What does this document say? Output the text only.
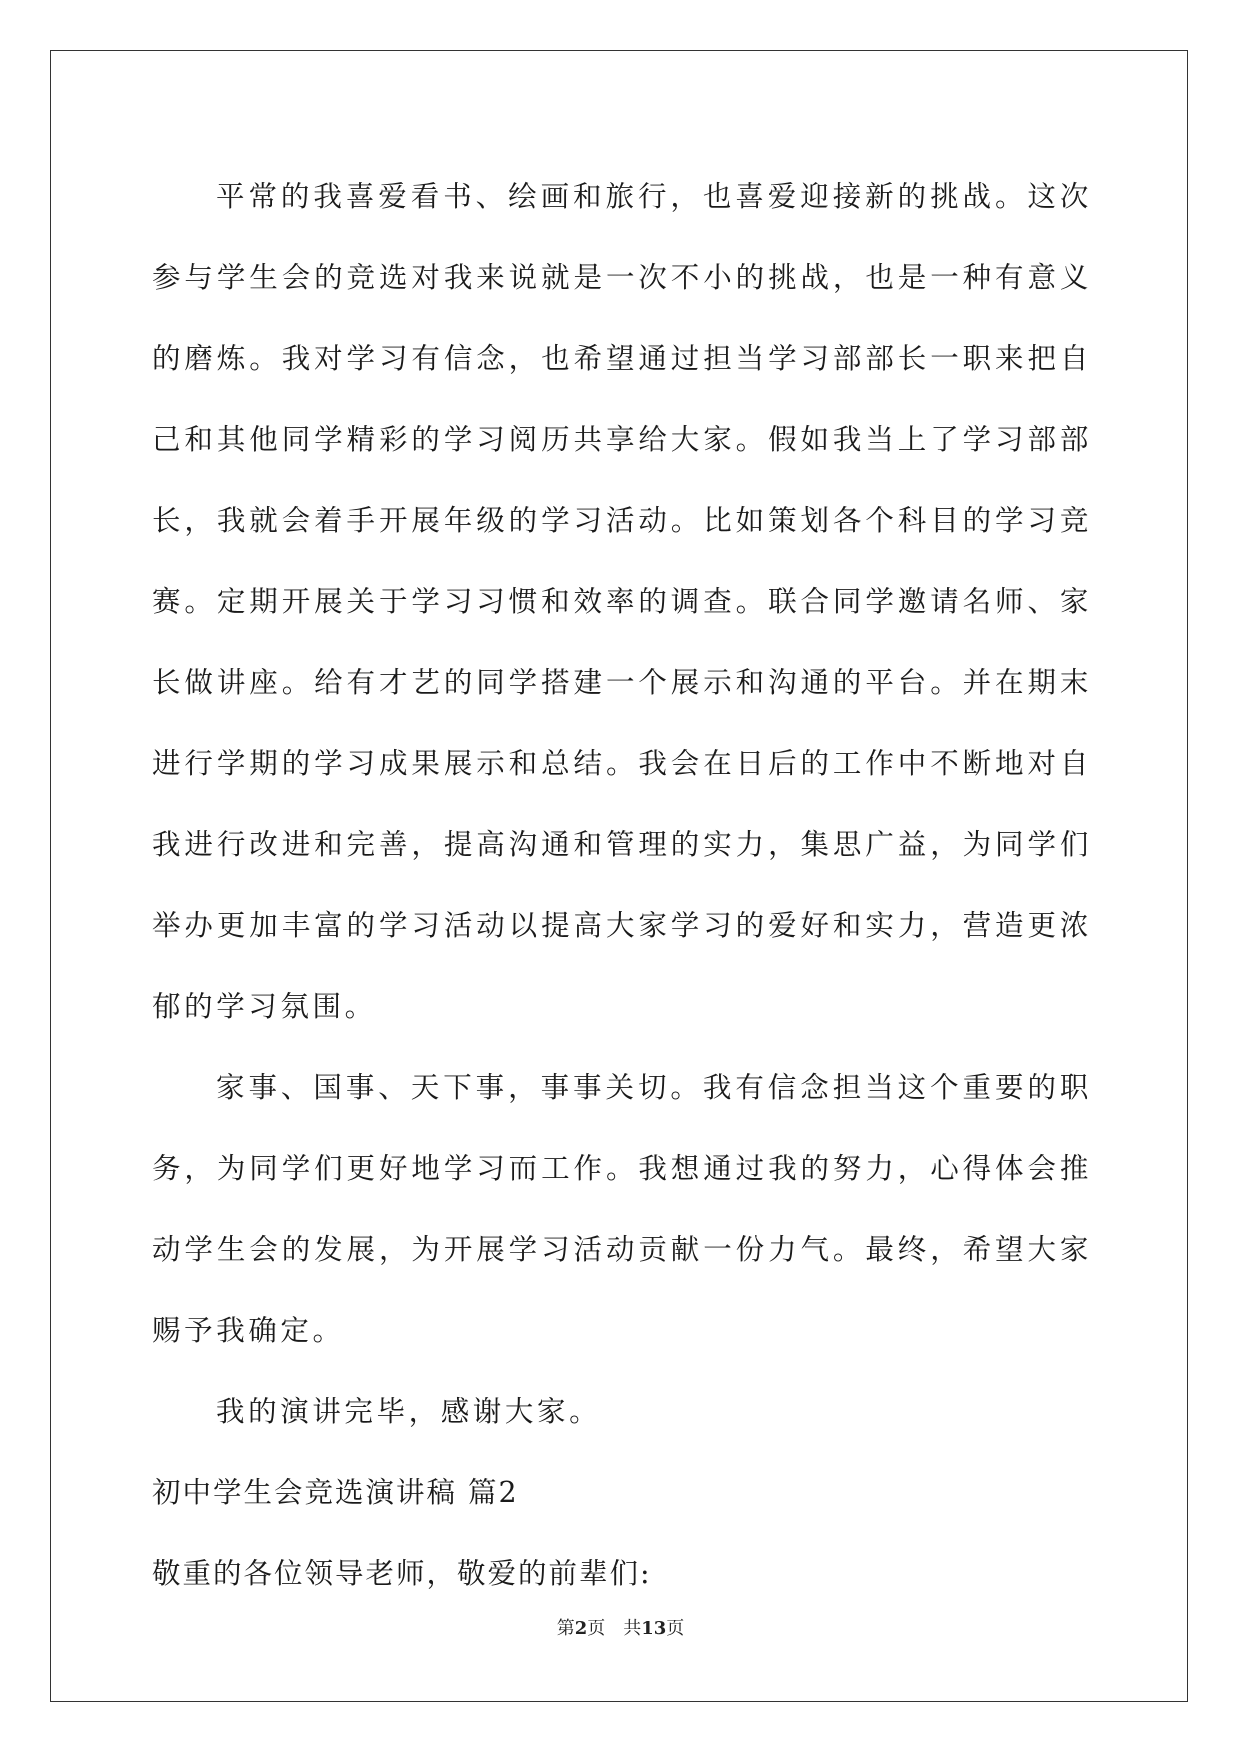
平常的我喜爱看书、绘画和旅行，也喜爱迎接新的挑战。这次参与学生会的竞选对我来说就是一次不小的挑战，也是一种有意义的磨炼。我对学习有信念，也希望通过担当学习部部长一职来把自己和其他同学精彩的学习阅历共享给大家。假如我当上了学习部部长，我就会着手开展年级的学习活动。比如策划各个科目的学习竞赛。定期开展关于学习习惯和效率的调查。联合同学邀请名师、家长做讲座。给有才艺的同学搭建一个展示和沟通的平台。并在期末进行学期的学习成果展示和总结。我会在日后的工作中不断地对自我进行改进和完善，提高沟通和管理的实力，集思广益，为同学们举办更加丰富的学习活动以提高大家学习的爱好和实力，营造更浓郁的学习氛围。

家事、国事、天下事，事事关切。我有信念担当这个重要的职务，为同学们更好地学习而工作。我想通过我的努力，心得体会推动学生会的发展，为开展学习活动贡献一份力气。最终，希望大家赐予我确定。

我的演讲完毕，感谢大家。

初中学生会竞选演讲稿 篇2

敬重的各位领导老师，敬爱的前辈们:

第2页 共13页
